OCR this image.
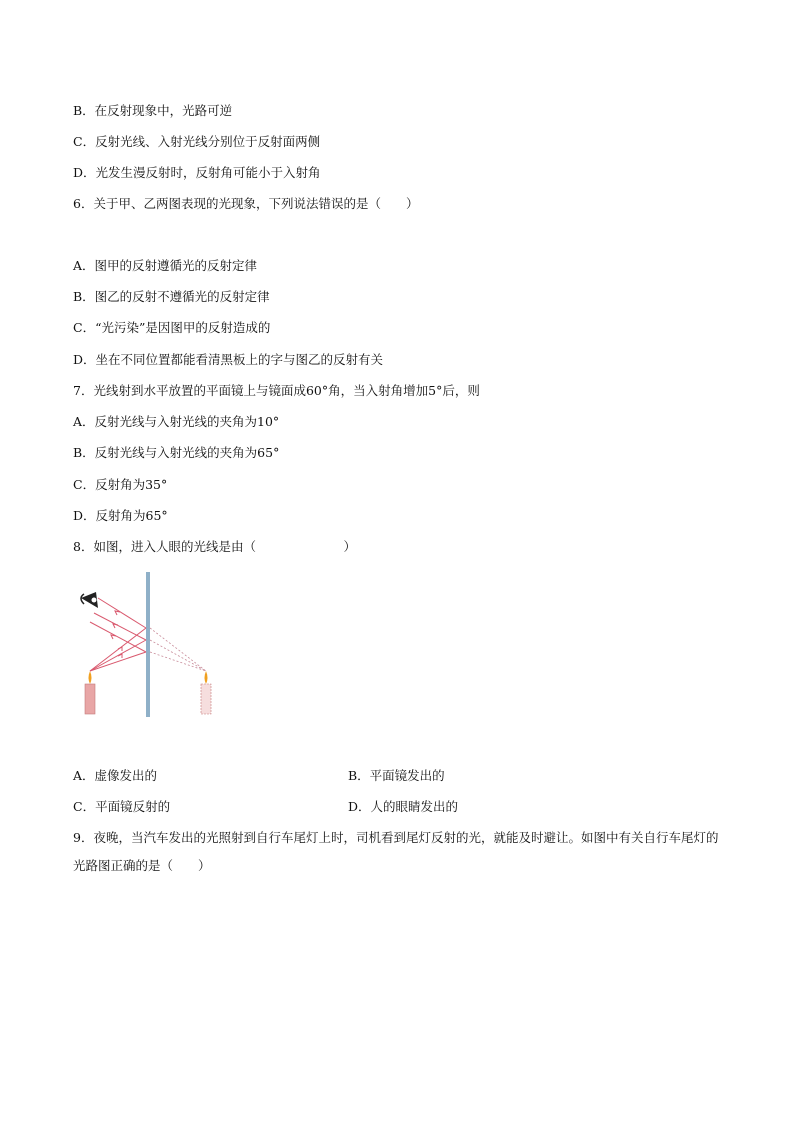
B．在反射现象中，光路可逆
C．反射光线、入射光线分别位于反射面两侧
D．光发生漫反射时，反射角可能小于入射角
6．关于甲、乙两图表现的光现象，下列说法错误的是（　　）
A．图甲的反射遵循光的反射定律
B．图乙的反射不遵循光的反射定律
C．“光污染”是因图甲的反射造成的
D．坐在不同位置都能看清黑板上的字与图乙的反射有关
7．光线射到水平放置的平面镜上与镜面成60°角，当入射角增加5°后，则
A．反射光线与入射光线的夹角为10°
B．反射光线与入射光线的夹角为65°
C．反射角为35°
D．反射角为65°
8．如图，进入人眼的光线是由（　　　　　　　）
A．虚像发出的	B．平面镜发出的
C．平面镜反射的	D．人的眼睛发出的
9．夜晚，当汽车发出的光照射到自行车尾灯上时，司机看到尾灯反射的光，就能及时避让。如图中有关自行车尾灯的光路图正确的是（　　）
